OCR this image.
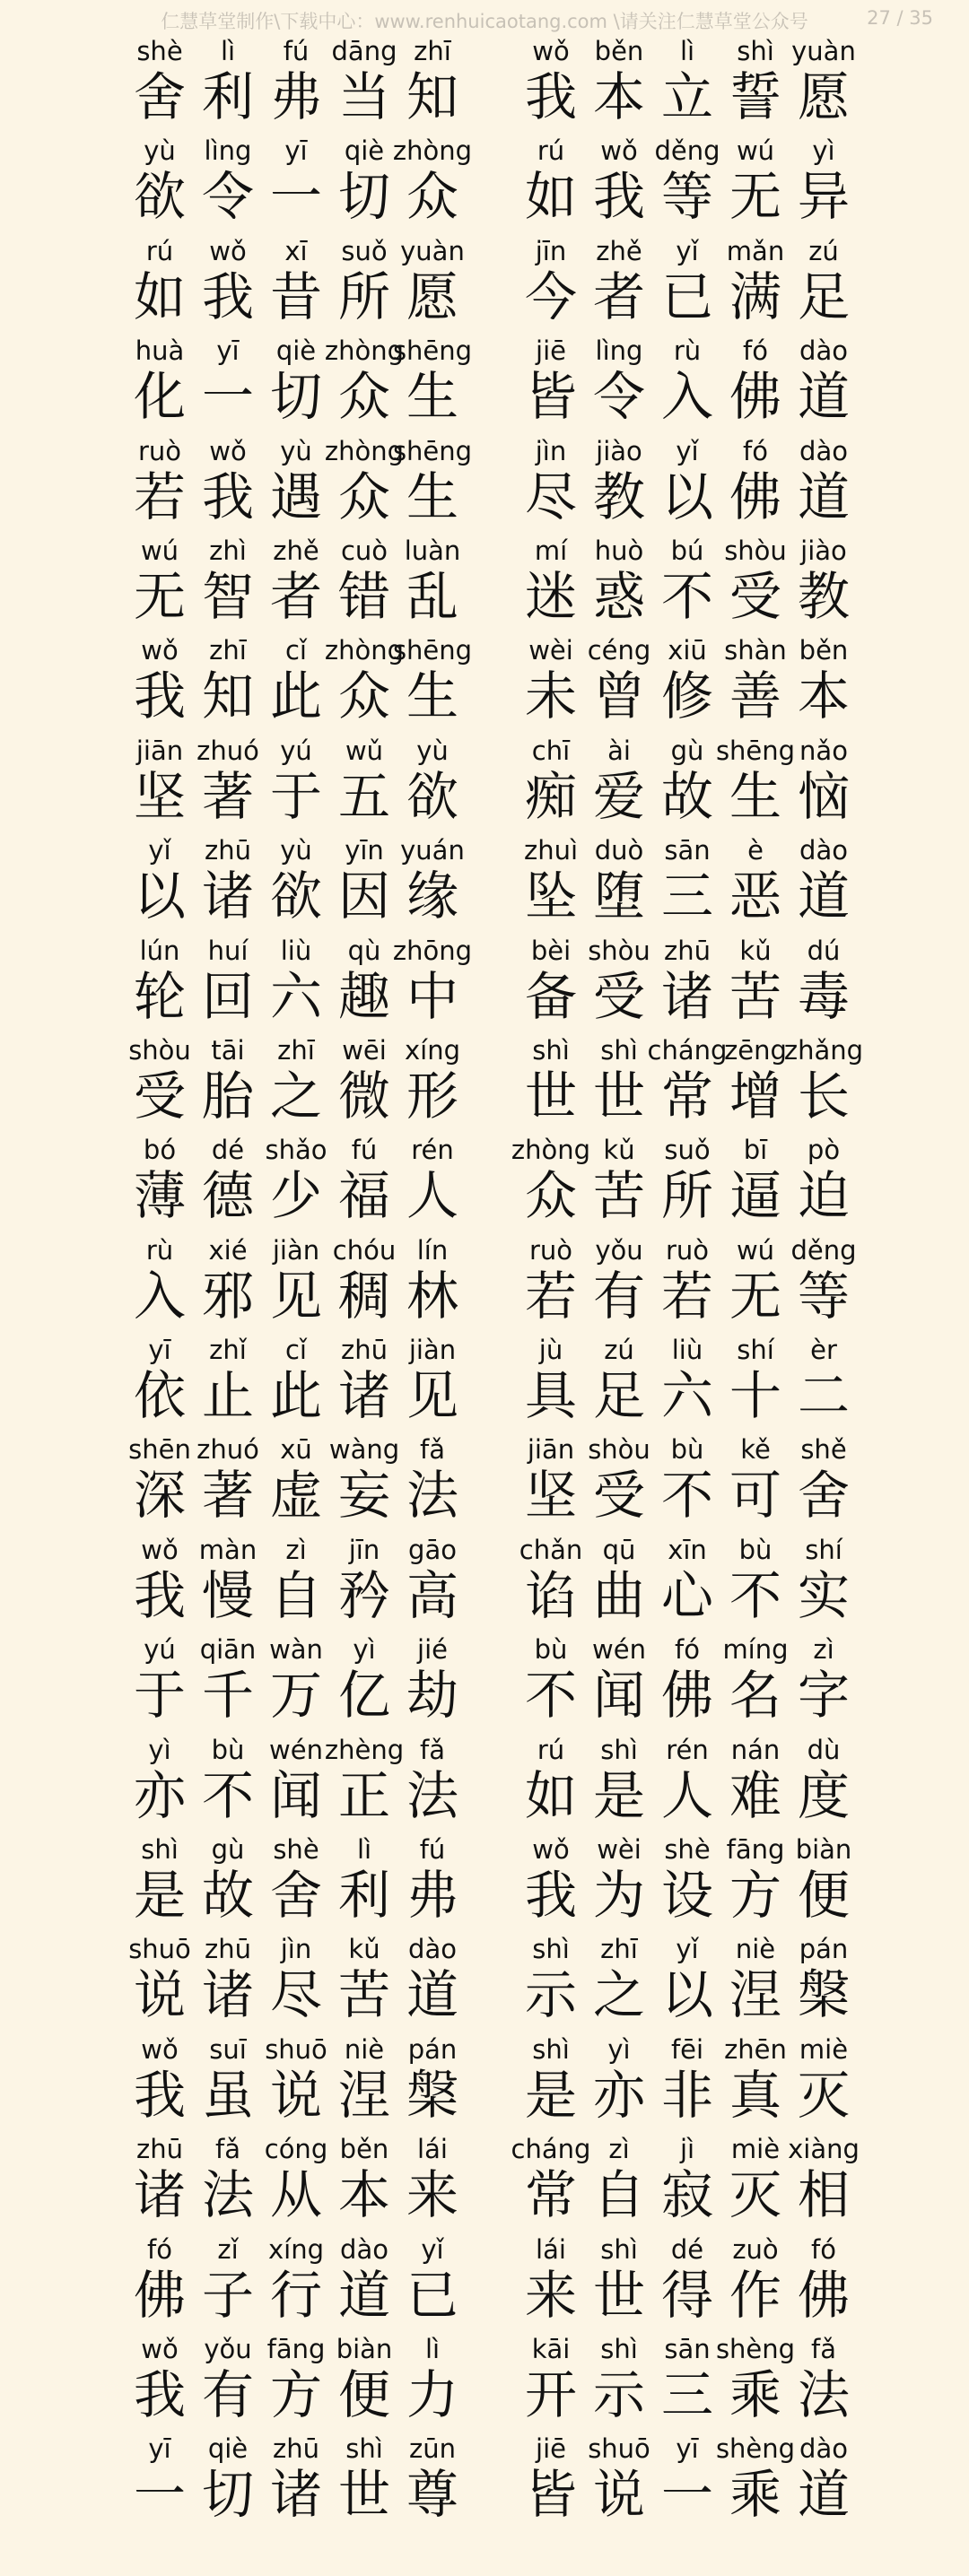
仁慧草堂制作\下载中心：www.renhuicaotang.com \请关注仁慧草堂公众号	27 / 35
shè
舍
lì
利
fú
弗
dāng
当
zhī
知
wǒ
我
běn
本
lì
立
shì
誓
yuàn
愿
yù
欲
lìng
令
yī
一
qiè
切
zhòng
众
rú
如
wǒ
我
děng
等
wú
无
yì
异
rú
如
wǒ
我
xī
昔
suǒ
所
yuàn
愿
jīn
今
zhě
者
yǐ
已
mǎn
满
zú
足
huà
化
yī
一
qiè
切
zhòng
众
shēng
生
jiē
皆
lìng
令
rù
入
fó
佛
dào
道
ruò
若
wǒ
我
yù
遇
zhòng
众
shēng
生
jìn
尽
jiào
教
yǐ
以
fó
佛
dào
道
wú
无
zhì
智
zhě
者
cuò
错
luàn
乱
mí
迷
huò
惑
bú
不
shòu
受
jiào
教
wǒ
我
zhī
知
cǐ
此
zhòng
众
shēng
生
wèi
未
céng
曾
xiū
修
shàn
善
běn
本
jiān
坚
zhuó
著
yú
于
wǔ
五
yù
欲
chī
痴
ài
爱
gù
故
shēng
生
nǎo
恼
yǐ
以
zhū
诸
yù
欲
yīn
因
yuán
缘
zhuì
坠
duò
堕
sān
三
è
恶
dào
道
lún
轮
huí
回
liù
六
qù
趣
zhōng
中
bèi
备
shòu
受
zhū
诸
kǔ
苦
dú
毒
shòu
受
tāi
胎
zhī
之
wēi
微
xíng
形
shì
世
shì
世
cháng
常
zēng
增
zhǎng
长
bó
薄
dé
德
shǎo
少
fú
福
rén
人
zhòng
众
kǔ
苦
suǒ
所
bī
逼
pò
迫
rù
入
xié
邪
jiàn
见
chóu
稠
lín
林
ruò
若
yǒu
有
ruò
若
wú
无
děng
等
yī
依
zhǐ
止
cǐ
此
zhū
诸
jiàn
见
jù
具
zú
足
liù
六
shí
十
èr
二
shēn
深
zhuó
著
xū
虚
wàng
妄
fǎ
法
jiān
坚
shòu
受
bù
不
kě
可
shě
舍
wǒ
我
màn
慢
zì
自
jīn
矜
gāo
高
chǎn
谄
qū
曲
xīn
心
bù
不
shí
实
yú
于
qiān
千
wàn
万
yì
亿
jié
劫
bù
不
wén
闻
fó
佛
míng
名
zì
字
yì
亦
bù
不
wén
闻
zhèng
正
fǎ
法
rú
如
shì
是
rén
人
nán
难
dù
度
shì
是
gù
故
shè
舍
lì
利
fú
弗
wǒ
我
wèi
为
shè
设
fāng
方
biàn
便
shuō
说
zhū
诸
jìn
尽
kǔ
苦
dào
道
shì
示
zhī
之
yǐ
以
niè
涅
pán
槃
wǒ
我
suī
虽
shuō
说
niè
涅
pán
槃
shì
是
yì
亦
fēi
非
zhēn
真
miè
灭
zhū
诸
fǎ
法
cóng
从
běn
本
lái
来
cháng
常
zì
自
jì
寂
miè
灭
xiàng
相
fó
佛
zǐ
子
xíng
行
dào
道
yǐ
已
lái
来
shì
世
dé
得
zuò
作
fó
佛
wǒ
我
yǒu
有
fāng
方
biàn
便
lì
力
kāi
开
shì
示
sān
三
shèng
乘
fǎ
法
yī
一
qiè
切
zhū
诸
shì
世
zūn
尊
jiē
皆
shuō
说
yī
一
shèng
乘
dào
道
